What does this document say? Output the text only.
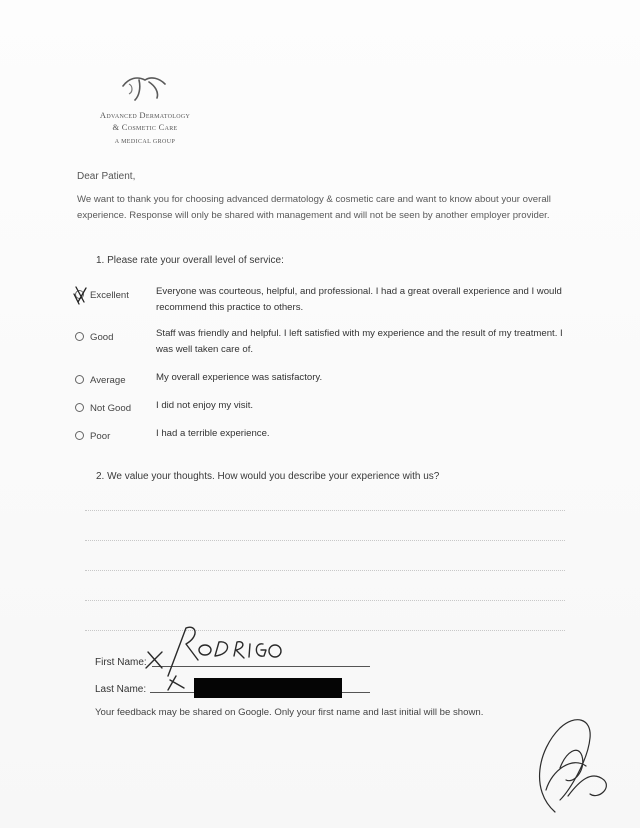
Advanced Dermatology
& Cosmetic Care
A MEDICAL GROUP
Dear Patient,
We want to thank you for choosing advanced dermatology & cosmetic care and want to know about your overall experience. Response will only be shared with management and will not be seen by another employer provider.
1. Please rate your overall level of service:
Excellent	Everyone was courteous, helpful, and professional. I had a great overall experience and I would recommend this practice to others.
Good	Staff was friendly and helpful. I left satisfied with my experience and the result of my treatment. I was well taken care of.
Average	My overall experience was satisfactory.
Not Good	I did not enjoy my visit.
Poor	I had a terrible experience.
2. We value your thoughts. How would you describe your experience with us?
First Name:
Last Name:
Your feedback may be shared on Google. Only your first name and last initial will be shown.
